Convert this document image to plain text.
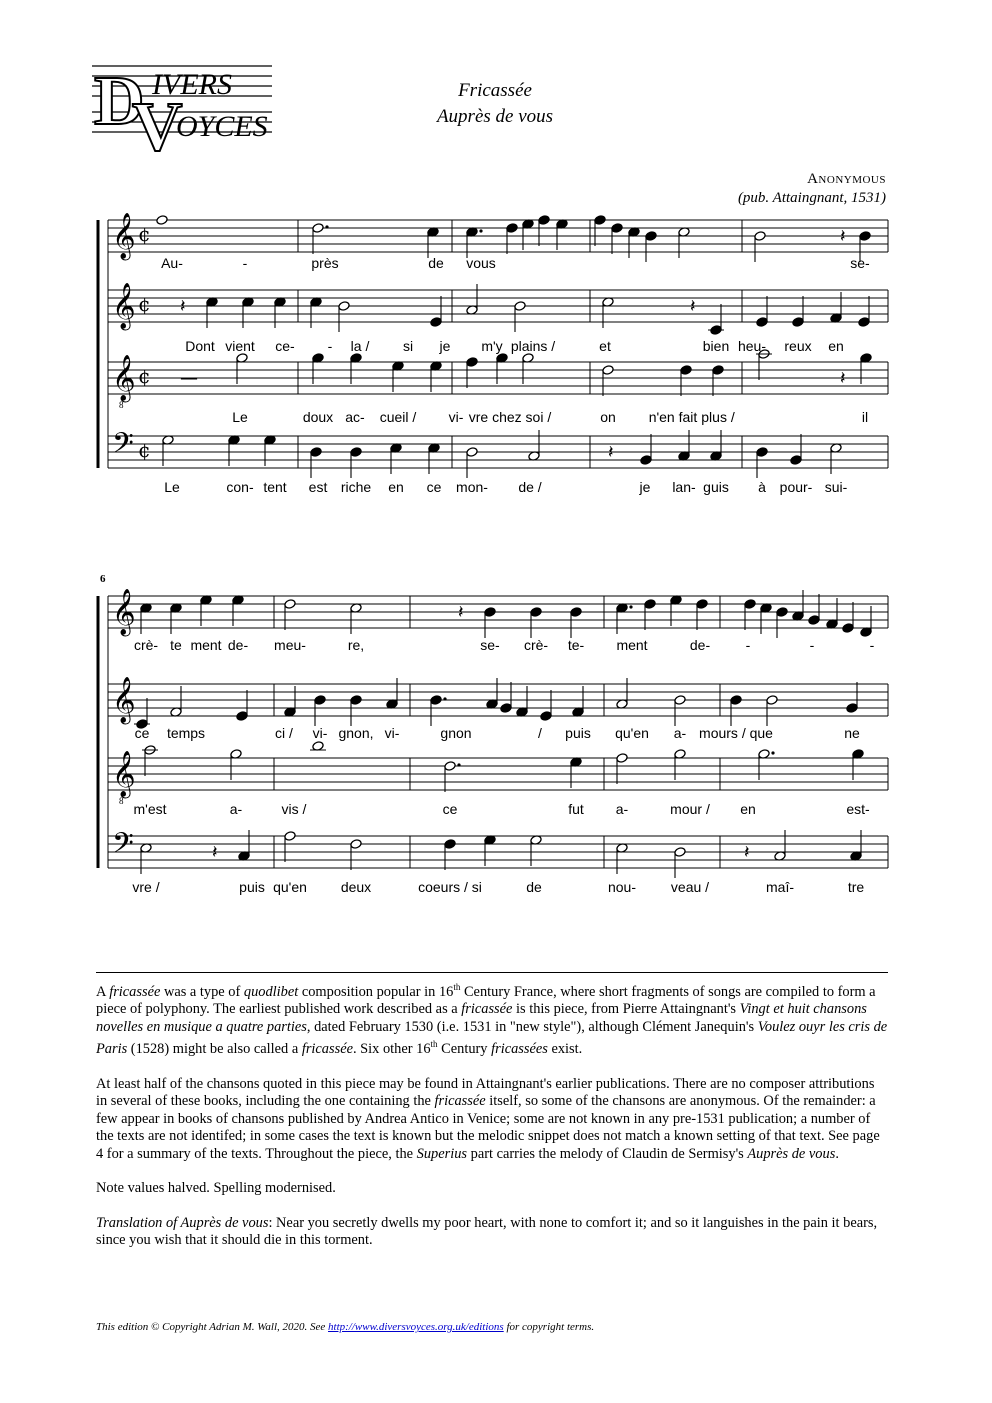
D
V
IVERS
OYCES
Fricassée
Auprès de vous
Anonymous
(pub. Attaingnant, 1531)
𝄞 ¢	𝄽
𝄞 ¢ 𝄽	𝄽
𝄞
8
¢ —	𝄽
𝄢 ¢	𝄽
Au-	-	près	de vous	se-
Dont vient ce- - la / si je m'y plains /	et	bien heu- reux en
Le	doux ac- cueil / vi- vre chez soi /	on n'en fait plus /	il
Le	con- tent est riche en ce mon- de /	je lan- guis à pour- sui-
6
𝄞	𝄽
𝄞
𝄞
8
𝄢	𝄽	𝄽
crè- te ment de- meu-	re,	se- crè- te- ment	de-	-	-	-
ce temps	ci / vi- gnon, vi-	gnon	/ puis qu'en a- mours / que	ne
m'est	a-	vis /	ce	fut a-	mour / en	est-
vre /	puis qu'en deux	coeurs / si	de	nou- veau /	maî-	tre

A fricassée was a type of quodlibet composition popular in 16th Century France, where short fragments of songs are compiled to form a piece of polyphony. The earliest published work described as a fricassée is this piece, from Pierre Attaingnant's Vingt et huit chansons novelles en musique a quatre parties, dated February 1530 (i.e. 1531 in "new style"), although Clément Janequin's Voulez ouyr les cris de Paris (1528) might be also called a fricassée. Six other 16th Century fricassées exist.

At least half of the chansons quoted in this piece may be found in Attaingnant's earlier publications. There are no composer attributions in several of these books, including the one containing the fricassée itself, so some of the chansons are anonymous. Of the remainder: a few appear in books of chansons published by Andrea Antico in Venice; some are not known in any pre-1531 publication; a number of the texts are not identifed; in some cases the text is known but the melodic snippet does not match a known setting of that text. See page 4 for a summary of the texts. Throughout the piece, the Superius part carries the melody of Claudin de Sermisy's Auprès de vous.

Note values halved. Spelling modernised.

Translation of Auprès de vous: Near you secretly dwells my poor heart, with none to comfort it; and so it languishes in the pain it bears, since you wish that it should die in this torment.

This edition © Copyright Adrian M. Wall, 2020. See http://www.diversvoyces.org.uk/editions for copyright terms.
